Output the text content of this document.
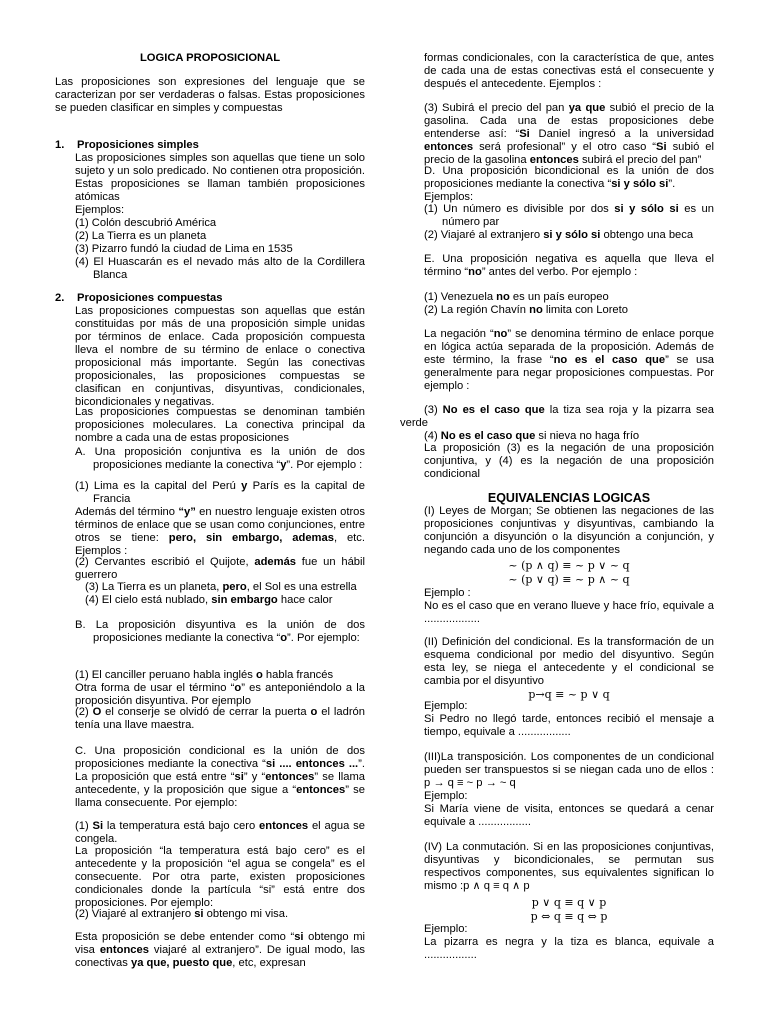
LOGICA PROPOSICIONAL

Las proposiciones son expresiones del lenguaje que se caracterizan por ser verdaderas o falsas. Estas proposiciones se pueden clasificar en simples y compuestas

1.	Proposiciones simples

Las proposiciones simples son aquellas que tiene un solo sujeto y un solo predicado. No contienen otra proposición. Estas proposiciones se llaman también proposiciones atómicas

Ejemplos:
(1) Colón descubrió América
(2) La Tierra es un planeta
(3) Pizarro fundó la ciudad de Lima en 1535

(4) El Huascarán es el nevado más alto de la Cordillera Blanca

2.	Proposiciones compuestas

Las proposiciones compuestas son aquellas que están constituidas por más de una proposición simple unidas por términos de enlace. Cada proposición compuesta lleva el nombre de su término de enlace o conectiva proposicional más importante. Según las conectivas proposicionales, las proposiciones compuestas se clasifican en conjuntivas, disyuntivas, condicionales, bicondicionales y negativas.

Las proposiciones compuestas se denominan también proposiciones moleculares. La conectiva principal da nombre a cada una de estas proposiciones

A. Una proposición conjuntiva es la unión de dos proposiciones mediante la conectiva “y”. Por ejemplo :

(1) Lima es la capital del Perú y París es la capital de Francia

Además del término “y” en nuestro lenguaje existen otros términos de enlace que se usan como conjunciones, entre otros se tiene: pero, sin embargo, ademas, etc. Ejemplos :

(2) Cervantes escribió el Quijote, además fue un hábil guerrero

(3) La Tierra es un planeta, pero, el Sol es una estrella
(4) El cielo está nublado, sin embargo hace calor

B. La proposición disyuntiva es la unión de dos proposiciones mediante la conectiva “o”. Por ejemplo:

(1) El canciller peruano habla inglés o habla francés

Otra forma de usar el término “o” es anteponiéndolo a la proposición disyuntiva. Por ejemplo

(2) O el conserje se olvidó de cerrar la puerta o el ladrón tenía una llave maestra.

C. Una proposición condicional es la unión de dos proposiciones mediante la conectiva “si .... entonces ...”. La proposición que está entre “si” y “entonces” se llama antecedente, y la proposición que sigue a “entonces” se llama consecuente. Por ejemplo:

(1) Si la temperatura está bajo cero entonces el agua se congela.

La proposición “la temperatura está bajo cero” es el antecedente y la proposición “el agua se congela” es el consecuente. Por otra parte, existen proposiciones condicionales donde la partícula “si” está entre dos proposiciones. Por ejemplo:

(2) Viajaré al extranjero si obtengo mi visa.

Esta proposición se debe entender como “si obtengo mi visa entonces viajaré al extranjero”. De igual modo, las conectivas ya que, puesto que, etc, expresan

formas condicionales, con la característica de que, antes de cada una de estas conectivas está el consecuente y después el antecedente. Ejemplos :

(3) Subirá el precio del pan ya que subió el precio de la gasolina. Cada una de estas proposiciones debe entenderse así: “Si Daniel ingresó a la universidad entonces será profesional” y el otro caso “Si subió el precio de la gasolina entonces subirá el precio del pan”

D. Una proposición bicondicional es la unión de dos proposiciones mediante la conectiva “si y sólo si”.

Ejemplos:

(1) Un número es divisible por dos si y sólo si es un número par

(2) Viajaré al extranjero si y sólo si obtengo una beca

E. Una proposición negativa es aquella que lleva el término “no” antes del verbo. Por ejemplo :

(1) Venezuela no es un país europeo
(2) La región Chavín no limita con Loreto

La negación “no” se denomina término de enlace porque en lógica actúa separada de la proposición. Además de este término, la frase “no es el caso que” se usa generalmente para negar proposiciones compuestas. Por ejemplo :

(3) No es el caso que la tiza sea roja y la pizarra sea verde

(4) No es el caso que si nieva no haga frío

La proposición (3) es la negación de una proposición conjuntiva, y (4) es la negación de una proposición condicional

EQUIVALENCIAS LOGICAS

(I) Leyes de Morgan; Se obtienen las negaciones de las proposiciones conjuntivas y disyuntivas, cambiando la conjunción a disyunción o la disyunción a conjunción, y negando cada uno de los componentes

~ (p ∧ q) ≡ ~ p ∨ ~ q
~ (p ∨ q) ≡ ~ p ∧ ~ q
Ejemplo :

No es el caso que en verano llueve y hace frío, equivale a ..................

(II) Definición del condicional. Es la transformación de un esquema condicional por medio del disyuntivo. Según esta ley, se niega el antecedente y el condicional se cambia por el disyuntivo

p→q ≡ ~ p ∨ q
Ejemplo:

Si Pedro no llegó tarde, entonces recibió el mensaje a tiempo, equivale a .................

(III)La transposición. Los componentes de un condicional pueden ser transpuestos si se niegan cada uno de ellos : p → q ≡ ~ p → ~ q

Ejemplo:

Si María viene de visita, entonces se quedará a cenar equivale a .................

(IV) La conmutación. Si en las proposiciones conjuntivas, disyuntivas y bicondicionales, se permutan sus respectivos componentes, sus equivalentes significan lo mismo :p ∧ q ≡ q ∧ p

p ∨ q ≡ q ∨ p
p ⇔ q ≡ q ⇔ p
Ejemplo:

La pizarra es negra y la tiza es blanca, equivale a .................
